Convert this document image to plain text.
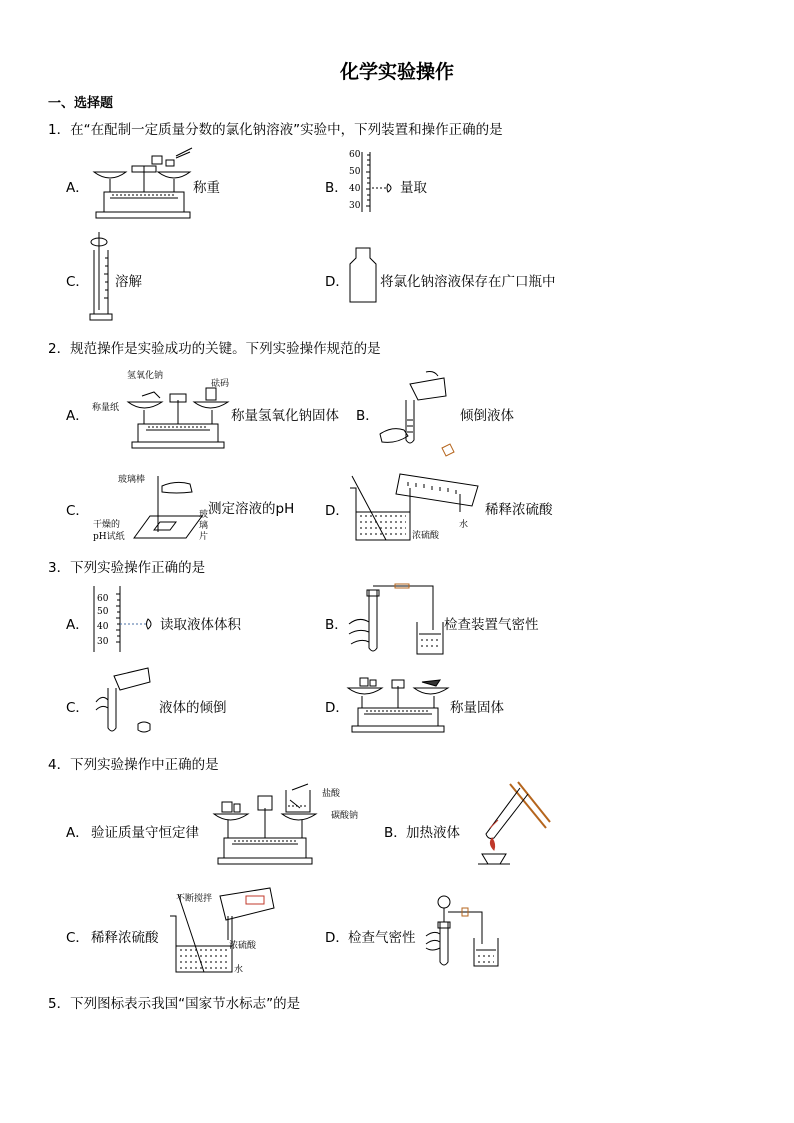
化学实验操作
一、选择题
1．在“在配制一定质量分数的氯化钠溶液”实验中，下列装置和操作正确的是
A．	称重	B．
60
50
40
30
量取
C． 溶解	D． 将氯化钠溶液保存在广口瓶中
2．规范操作是实验成功的关键。下列实验操作规范的是
A．
氢氧化钠
砝码
称量纸	称量氢氧化钠固体 B．	倾倒液体
C．
玻璃棒
干燥的
pH试纸
玻
璃
片
测定溶液的pH D．
水
浓硫酸
稀释浓硫酸
3．下列实验操作正确的是
A．
60
50
40
30
读取液体体积	B．	检查装置气密性
C．	液体的倾倒	D．	称量固体
4．下列实验操作中正确的是
A． 验证质量守恒定律
盐酸
碳酸钠
B． 加热液体
C． 稀释浓硫酸
不断搅拌
浓硫酸
水
D． 检查气密性
5．下列图标表示我国“国家节水标志”的是
